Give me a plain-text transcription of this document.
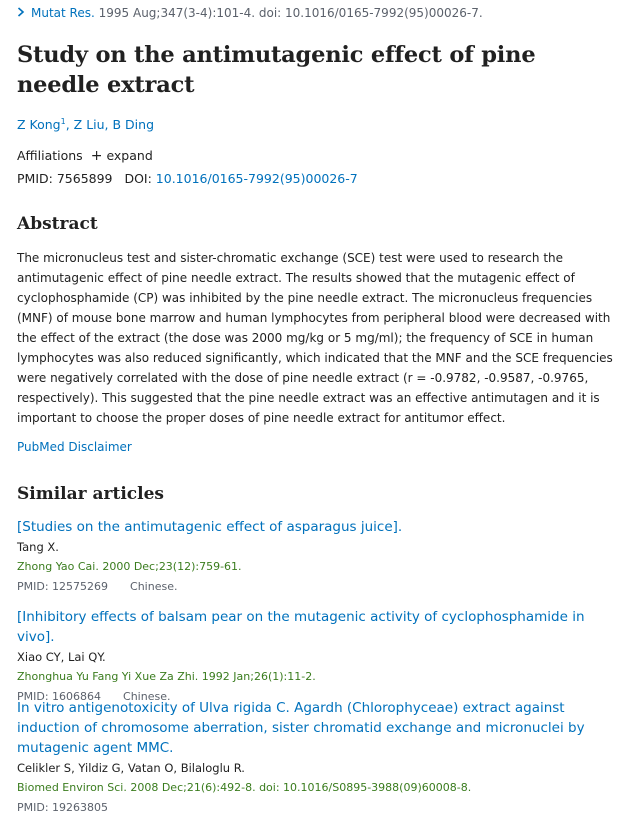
Mutat Res. 1995 Aug;347(3-4):101-4. doi: 10.1016/0165-7992(95)00026-7.
Study on the antimutagenic effect of pine needle extract
Z Kong$^1$, Z Liu, B Ding
Affiliations + expand
PMID: 7565899 DOI: 10.1016/0165-7992(95)00026-7
Abstract

The micronucleus test and sister-chromatic exchange (SCE) test were used to research the antimutagenic effect of pine needle extract. The results showed that the mutagenic effect of cyclophosphamide (CP) was inhibited by the pine needle extract. The micronucleus frequencies (MNF) of mouse bone marrow and human lymphocytes from peripheral blood were decreased with the effect of the extract (the dose was 2000 mg/kg or 5 mg/ml); the frequency of SCE in human lymphocytes was also reduced significantly, which indicated that the MNF and the SCE frequencies were negatively correlated with the dose of pine needle extract (r = -0.9782, -0.9587, -0.9765, respectively). This suggested that the pine needle extract was an effective antimutagen and it is important to choose the proper doses of pine needle extract for antitumor effect.

PubMed Disclaimer
Similar articles
[Studies on the antimutagenic effect of asparagus juice].
Tang X.
Zhong Yao Cai. 2000 Dec;23(12):759-61.
PMID: 12575269 Chinese.
[Inhibitory effects of balsam pear on the mutagenic activity of cyclophosphamide in vivo].
Xiao CY, Lai QY.
Zhonghua Yu Fang Yi Xue Za Zhi. 1992 Jan;26(1):11-2.
PMID: 1606864 Chinese.
In vitro antigenotoxicity of Ulva rigida C. Agardh (Chlorophyceae) extract against induction of chromosome aberration, sister chromatid exchange and micronuclei by mutagenic agent MMC.
Celikler S, Yildiz G, Vatan O, Bilaloglu R.
Biomed Environ Sci. 2008 Dec;21(6):492-8. doi: 10.1016/S0895-3988(09)60008-8.
PMID: 19263805
